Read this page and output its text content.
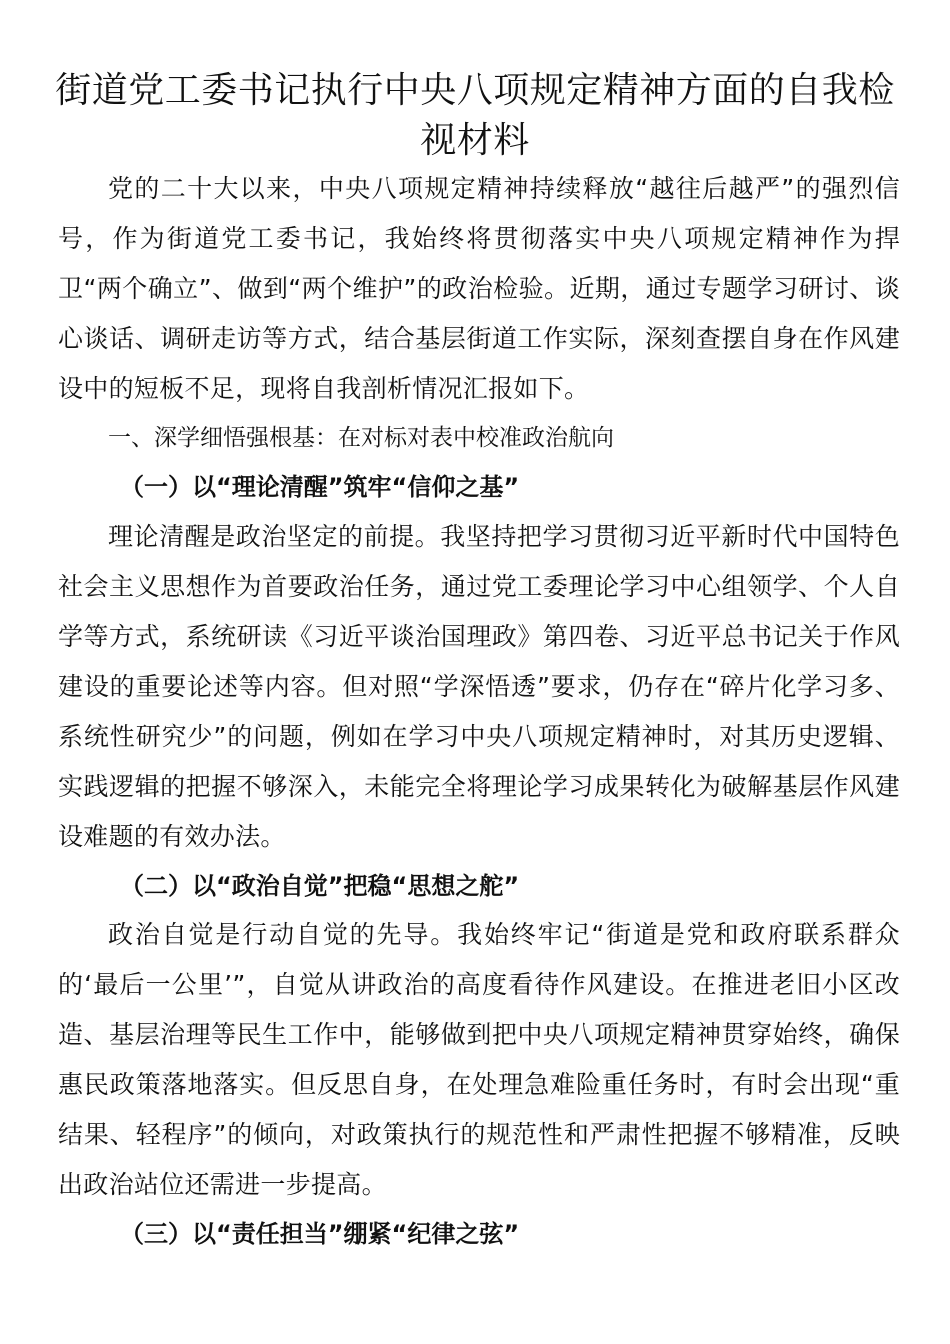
街道党工委书记执行中央八项规定精神方面的自我检视材料
党的二十大以来，中央八项规定精神持续释放“越往后越严”的强烈信号，作为街道党工委书记，我始终将贯彻落实中央八项规定精神作为捍卫“两个确立”、做到“两个维护”的政治检验。近期，通过专题学习研讨、谈心谈话、调研走访等方式，结合基层街道工作实际，深刻查摆自身在作风建设中的短板不足，现将自我剖析情况汇报如下。
一、深学细悟强根基：在对标对表中校准政治航向
（一）以“理论清醒”筑牢“信仰之基”
理论清醒是政治坚定的前提。我坚持把学习贯彻习近平新时代中国特色社会主义思想作为首要政治任务，通过党工委理论学习中心组领学、个人自学等方式，系统研读《习近平谈治国理政》第四卷、习近平总书记关于作风建设的重要论述等内容。但对照“学深悟透”要求，仍存在“碎片化学习多、系统性研究少”的问题，例如在学习中央八项规定精神时，对其历史逻辑、实践逻辑的把握不够深入，未能完全将理论学习成果转化为破解基层作风建设难题的有效办法。
（二）以“政治自觉”把稳“思想之舵”
政治自觉是行动自觉的先导。我始终牢记“街道是党和政府联系群众的‘最后一公里’”，自觉从讲政治的高度看待作风建设。在推进老旧小区改造、基层治理等民生工作中，能够做到把中央八项规定精神贯穿始终，确保惠民政策落地落实。但反思自身，在处理急难险重任务时，有时会出现“重结果、轻程序”的倾向，对政策执行的规范性和严肃性把握不够精准，反映出政治站位还需进一步提高。
（三）以“责任担当”绷紧“纪律之弦”
